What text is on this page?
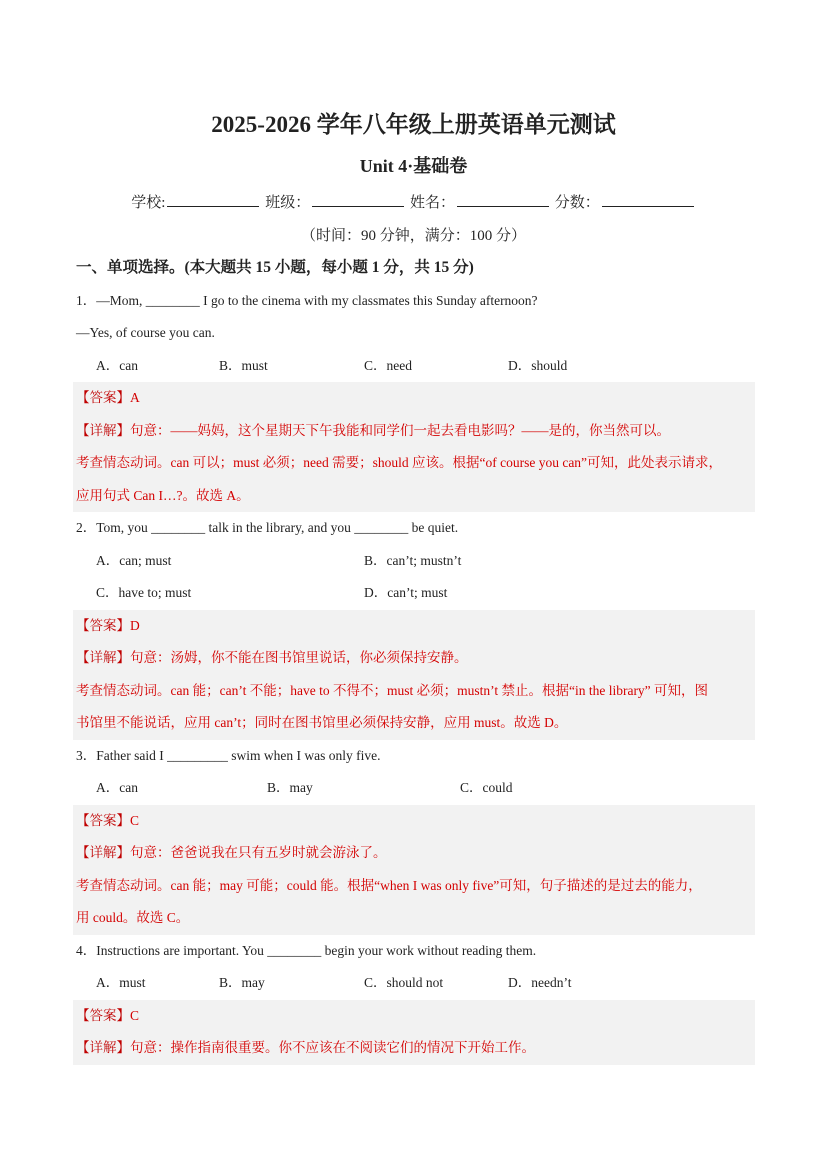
2025-2026 学年八年级上册英语单元测试
Unit 4·基础卷
学校:	班级：	姓名：	分数：
（时间：90 分钟，满分：100 分）
一、单项选择。(本大题共 15 小题，每小题 1 分，共 15 分)
1．—Mom, ________ I go to the cinema with my classmates this Sunday afternoon?
—Yes, of course you can.
A．can	B．must	C．need	D．should
【答案】A
【详解】句意：——妈妈，这个星期天下午我能和同学们一起去看电影吗？——是的，你当然可以。
考查情态动词。can 可以；must 必须；need 需要；should 应该。根据“of course you can”可知，此处表示请求，
应用句式 Can I…?。故选 A。
2．Tom, you ________ talk in the library, and you ________ be quiet.
A．can; must	B．can’t; mustn’t
C．have to; must	D．can’t; must
【答案】D
【详解】句意：汤姆，你不能在图书馆里说话，你必须保持安静。
考查情态动词。can 能；can’t 不能；have to 不得不；must 必须；mustn’t 禁止。根据“in the library” 可知，图
书馆里不能说话，应用 can’t；同时在图书馆里必须保持安静，应用 must。故选 D。
3．Father said I _________ swim when I was only five.
A．can	B．may	C．could
【答案】C
【详解】句意：爸爸说我在只有五岁时就会游泳了。
考查情态动词。can 能；may 可能；could 能。根据“when I was only five”可知，句子描述的是过去的能力，
用 could。故选 C。
4．Instructions are important. You ________ begin your work without reading them.
A．must	B．may	C．should not	D．needn’t
【答案】C
【详解】句意：操作指南很重要。你不应该在不阅读它们的情况下开始工作。
